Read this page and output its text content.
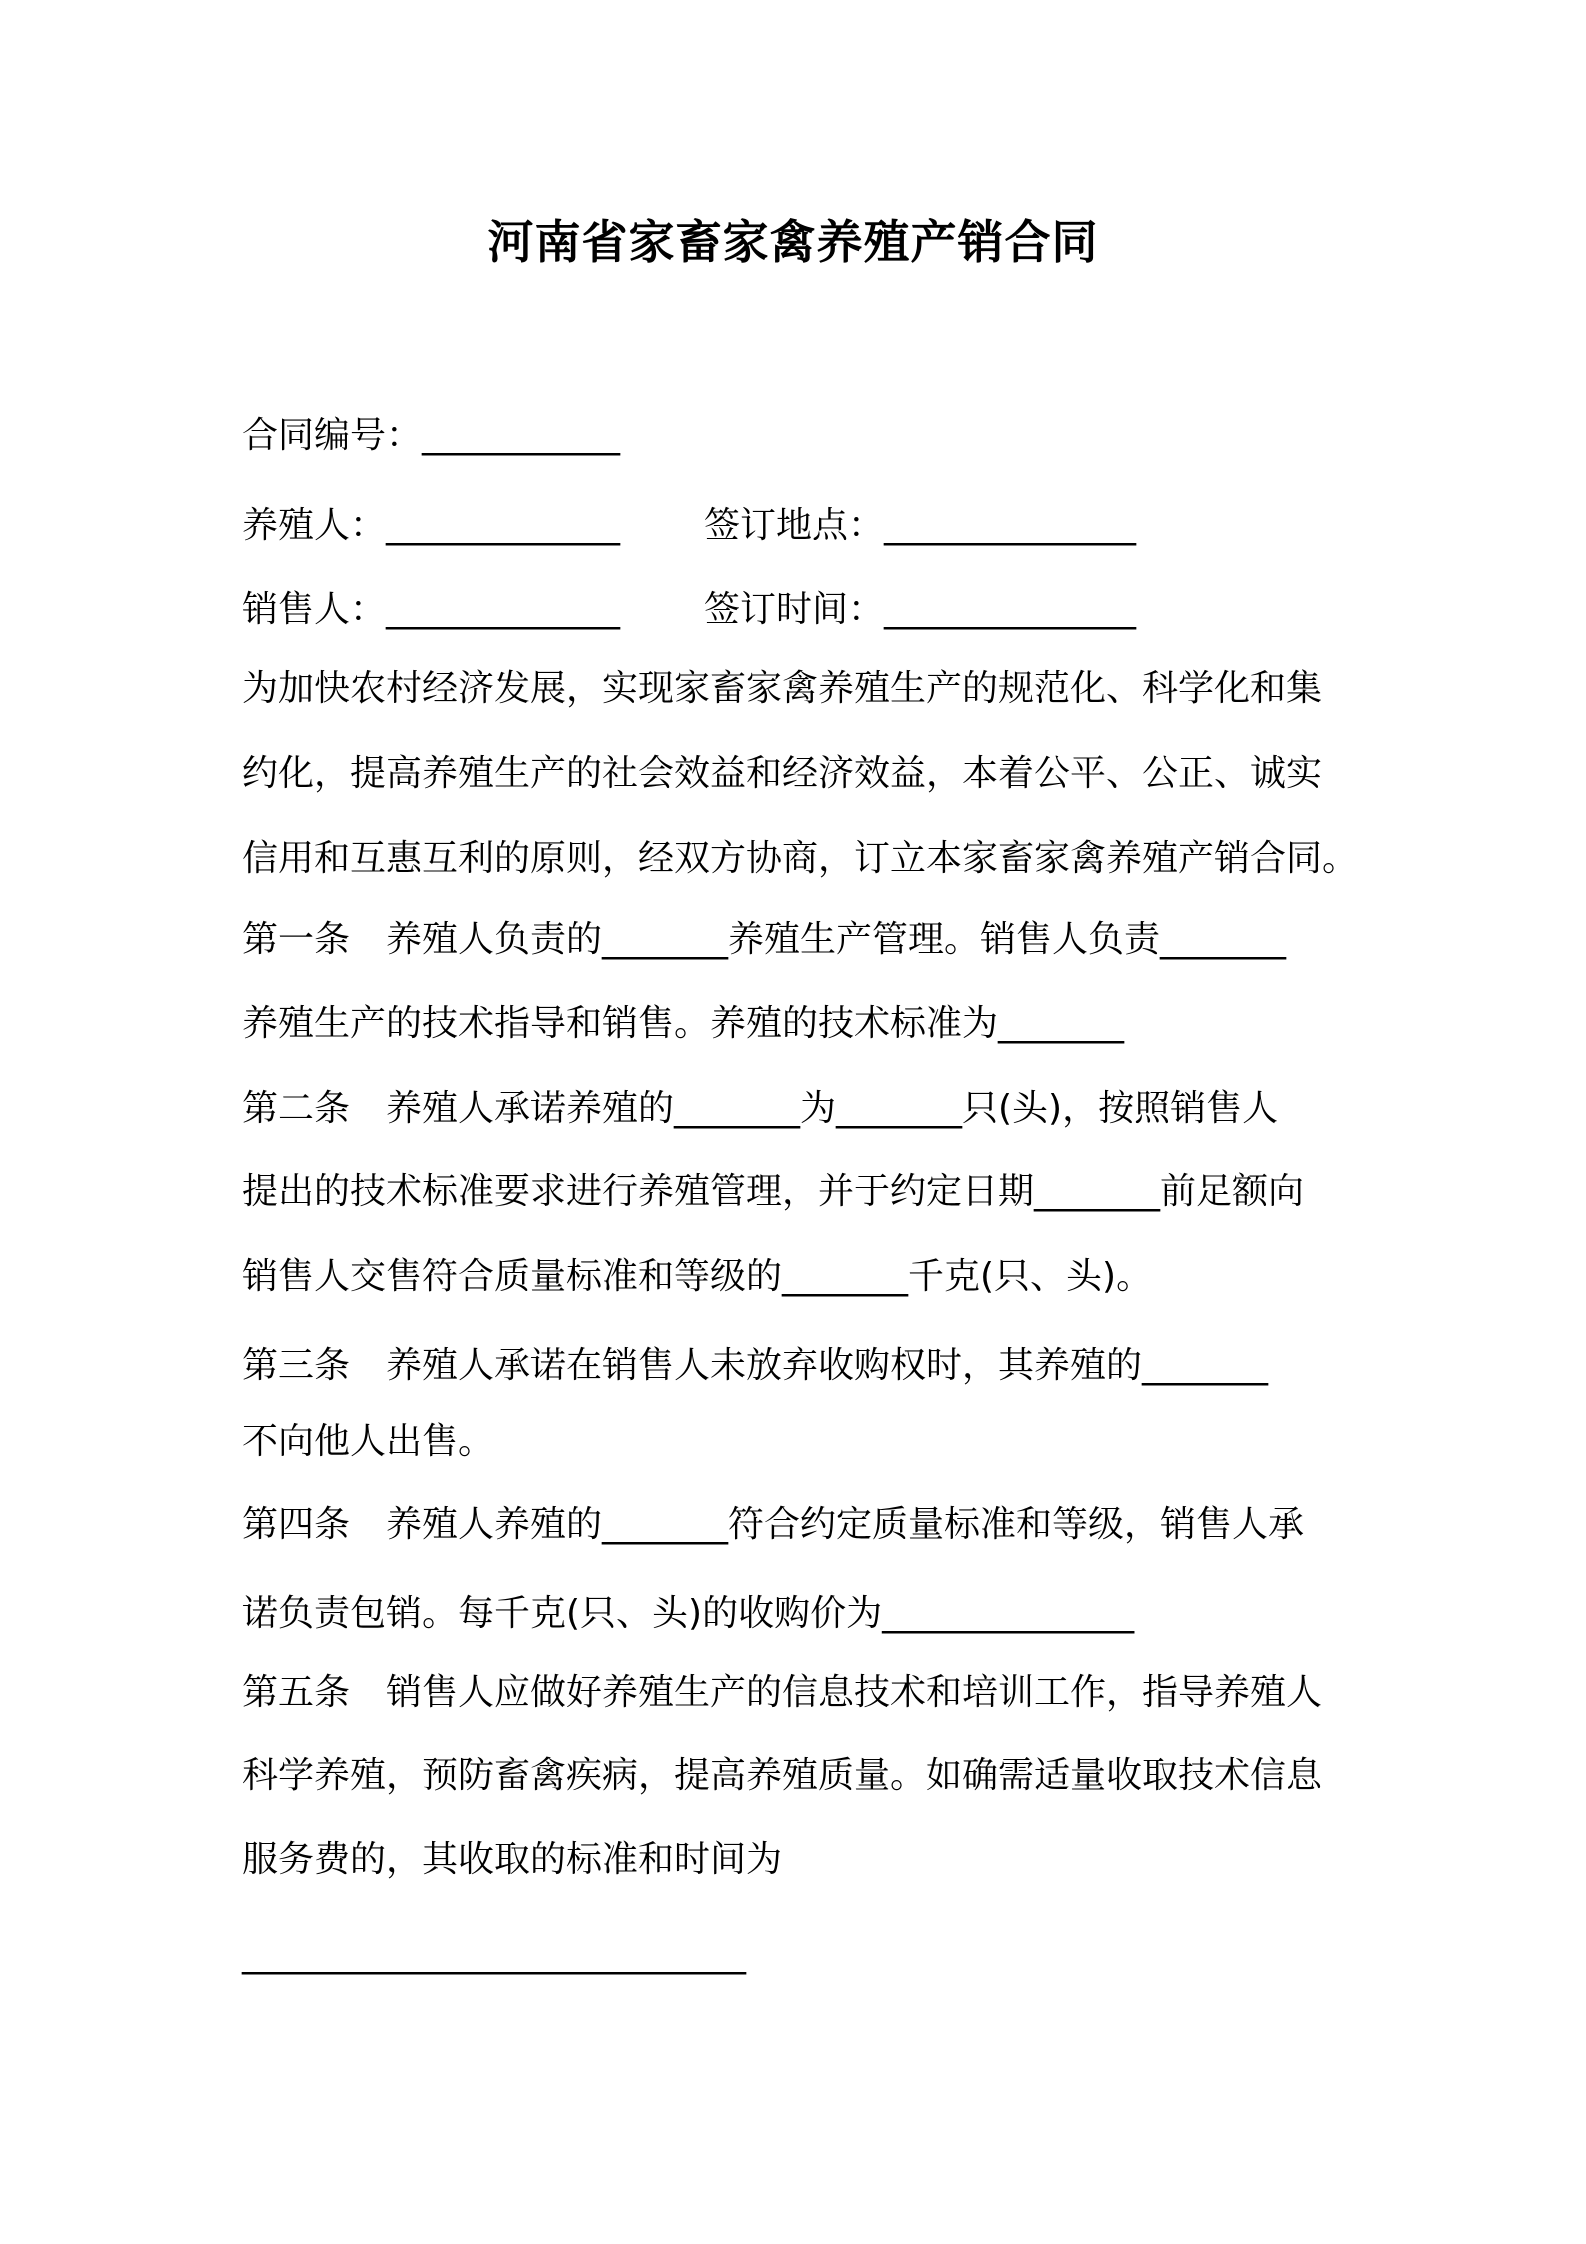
河南省家畜家禽养殖产销合同
合同编号：___________
养殖人：_____________ 签订地点：______________
销售人：_____________ 签订时间：______________
为加快农村经济发展，实现家畜家禽养殖生产的规范化、科学化和集
约化，提高养殖生产的社会效益和经济效益，本着公平、公正、诚实
信用和互惠互利的原则，经双方协商，订立本家畜家禽养殖产销合同。
第一条　养殖人负责的_______养殖生产管理。销售人负责_______
养殖生产的技术指导和销售。养殖的技术标准为_______
第二条　养殖人承诺养殖的_______为_______只(头)，按照销售人
提出的技术标准要求进行养殖管理，并于约定日期_______前足额向
销售人交售符合质量标准和等级的_______千克(只、头)。
第三条　养殖人承诺在销售人未放弃收购权时，其养殖的_______
不向他人出售。
第四条　养殖人养殖的_______符合约定质量标准和等级，销售人承
诺负责包销。每千克(只、头)的收购价为______________
第五条　销售人应做好养殖生产的信息技术和培训工作，指导养殖人
科学养殖，预防畜禽疾病，提高养殖质量。如确需适量收取技术信息
服务费的，其收取的标准和时间为
____________________________
